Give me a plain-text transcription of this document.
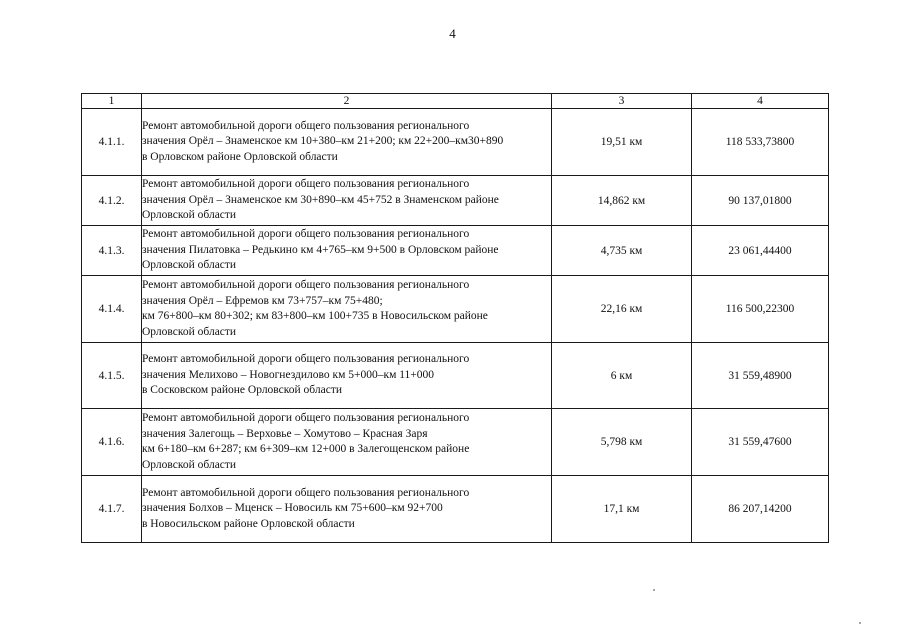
4
1	2	3	4
4.1.1.	Ремонт автомобильной дороги общего пользования регионального
значения Орёл – Знаменское км 10+380–км 21+200; км 22+200–км30+890
в Орловском районе Орловской области	19,51 км	118 533,73800
4.1.2.	Ремонт автомобильной дороги общего пользования регионального
значения Орёл – Знаменское км 30+890–км 45+752 в Знаменском районе
Орловской области	14,862 км	90 137,01800
4.1.3.	Ремонт автомобильной дороги общего пользования регионального
значения Пилатовка – Редькино км 4+765–км 9+500 в Орловском районе
Орловской области	4,735 км	23 061,44400
4.1.4.	Ремонт автомобильной дороги общего пользования регионального
значения Орёл – Ефремов км 73+757–км 75+480;
км 76+800–км 80+302; км 83+800–км 100+735 в Новосильском районе
Орловской области	22,16 км	116 500,22300
4.1.5.	Ремонт автомобильной дороги общего пользования регионального
значения Мелихово – Новогнездилово км 5+000–км 11+000
в Сосковском районе Орловской области	6 км	31 559,48900
4.1.6.	Ремонт автомобильной дороги общего пользования регионального
значения Залегощь – Верховье – Хомутово – Красная Заря
км 6+180–км 6+287; км 6+309–км 12+000 в Залегощенском районе
Орловской области	5,798 км	31 559,47600
4.1.7.	Ремонт автомобильной дороги общего пользования регионального
значения Болхов – Мценск – Новосиль км 75+600–км 92+700
в Новосильском районе Орловской области	17,1 км	86 207,14200
